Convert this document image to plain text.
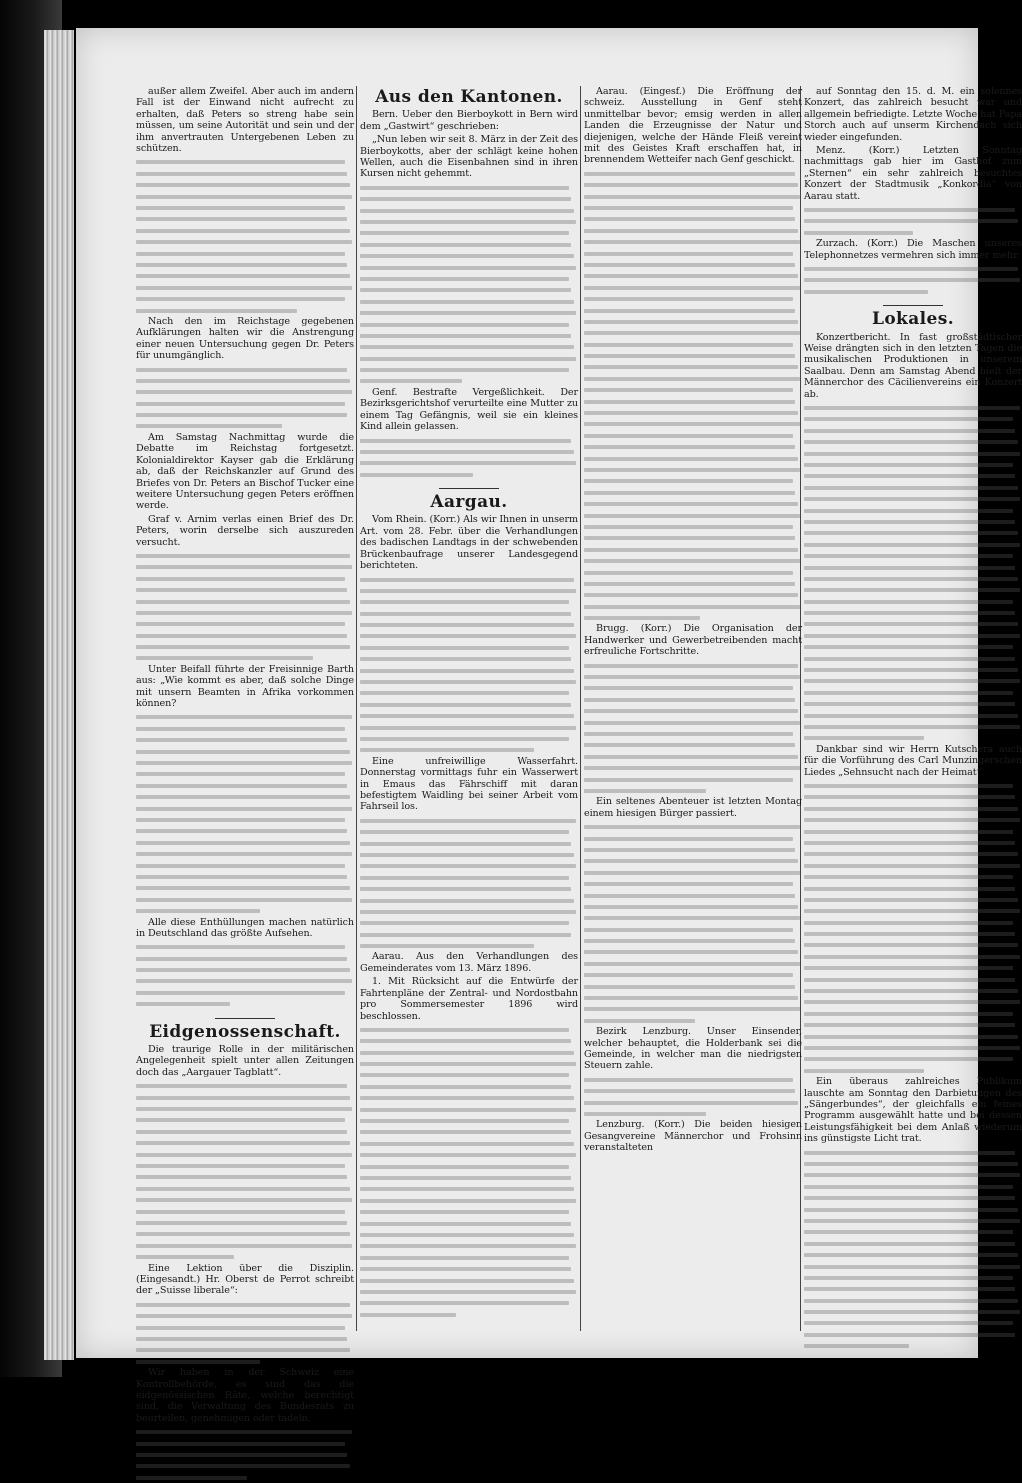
außer allem Zweifel. Aber auch im andern Fall ist der Einwand nicht aufrecht zu erhalten, daß Peters so streng habe sein müssen, um seine Autorität und sein und der ihm anvertrauten Untergebenen Leben zu schützen.

Nach den im Reichstage gegebenen Aufklärungen halten wir die Anstrengung einer neuen Untersuchung gegen Dr. Peters für unumgänglich.

Am Samstag Nachmittag wurde die Debatte im Reichstag fortgesetzt. Kolonialdirektor Kayser gab die Erklärung ab, daß der Reichskanzler auf Grund des Briefes von Dr. Peters an Bischof Tucker eine weitere Untersuchung gegen Peters eröffnen werde.

Graf v. Arnim verlas einen Brief des Dr. Peters, worin derselbe sich auszureden versucht.

Unter Beifall führte der Freisinnige Barth aus: „Wie kommt es aber, daß solche Dinge mit unsern Beamten in Afrika vorkommen können?

Alle diese Enthüllungen machen natürlich in Deutschland das größte Aufsehen.

Eidgenossenschaft.

Die traurige Rolle in der militärischen Angelegenheit spielt unter allen Zeitungen doch das „Aargauer Tagblatt“.

Eine Lektion über die Disziplin. (Eingesandt.) Hr. Oberst de Perrot schreibt der „Suisse liberale“:

Wir haben in der Schweiz eine Kontrollbehörde, es sind das die eidgenössischen Räte, welche berechtigt sind, die Verwaltung des Bundesrats zu beurteilen, genehmigen oder tadeln.

Aus den Kantonen.

Bern. Ueber den Bierboykott in Bern wird dem „Gastwirt“ geschrieben:

„Nun leben wir seit 8. März in der Zeit des Bierboykotts, aber der schlägt keine hohen Wellen, auch die Eisenbahnen sind in ihren Kursen nicht gehemmt.

Genf. Bestrafte Vergeßlichkeit. Der Bezirksgerichtshof verurteilte eine Mutter zu einem Tag Gefängnis, weil sie ein kleines Kind allein gelassen.

Aargau.

Vom Rhein. (Korr.) Als wir Ihnen in unserm Art. vom 28. Febr. über die Verhandlungen des badischen Landtags in der schwebenden Brückenbaufrage unserer Landesgegend berichteten.

Eine unfreiwillige Wasserfahrt. Donnerstag vormittags fuhr ein Wasserwert in Emaus das Fährschiff mit daran befestigtem Waidling bei seiner Arbeit vom Fahrseil los.

Aarau. Aus den Verhandlungen des Gemeinderates vom 13. März 1896.

1. Mit Rücksicht auf die Entwürfe der Fahrtenpläne der Zentral- und Nordostbahn pro Sommersemester 1896 wird beschlossen.

Aarau. (Eingesf.) Die Eröffnung der schweiz. Ausstellung in Genf steht unmittelbar bevor; emsig werden in allen Landen die Erzeugnisse der Natur und diejenigen, welche der Hände Fleiß vereint mit des Geistes Kraft erschaffen hat, in brennendem Wetteifer nach Genf geschickt.

Brugg. (Korr.) Die Organisation der Handwerker und Gewerbetreibenden macht erfreuliche Fortschritte.

Ein seltenes Abenteuer ist letzten Montag einem hiesigen Bürger passiert.

Bezirk Lenzburg. Unser Einsender, welcher behauptet, die Holderbank sei die Gemeinde, in welcher man die niedrigsten Steuern zahle.

Lenzburg. (Korr.) Die beiden hiesigen Gesangvereine Männerchor und Frohsinn veranstalteten

auf Sonntag den 15. d. M. ein solennes Konzert, das zahlreich besucht war und allgemein befriedigte. Letzte Woche hat Papa Storch auch auf unserm Kirchendach sich wieder eingefunden.

Menz. (Korr.) Letzten Sonntag nachmittags gab hier im Gasthof zum „Sternen“ ein sehr zahlreich besuchtes Konzert der Stadtmusik „Konkordia“ von Aarau statt.

Zurzach. (Korr.) Die Maschen unseres Telephonnetzes vermehren sich immer mehr.

Lokales.

Konzertbericht. In fast großstädtischer Weise drängten sich in den letzten Tagen die musikalischen Produktionen in unserem Saalbau. Denn am Samstag Abend hielt der Männerchor des Cäcilienvereins ein Konzert ab.

Dankbar sind wir Herrn Kutschera auch für die Vorführung des Carl Munzingerschen Liedes „Sehnsucht nach der Heimat“.

Ein überaus zahlreiches Publikum lauschte am Sonntag den Darbietungen des „Sängerbundes“, der gleichfalls ein feines Programm ausgewählt hatte und bei dessen Leistungsfähigkeit bei dem Anlaß wiederum ins günstigste Licht trat.
